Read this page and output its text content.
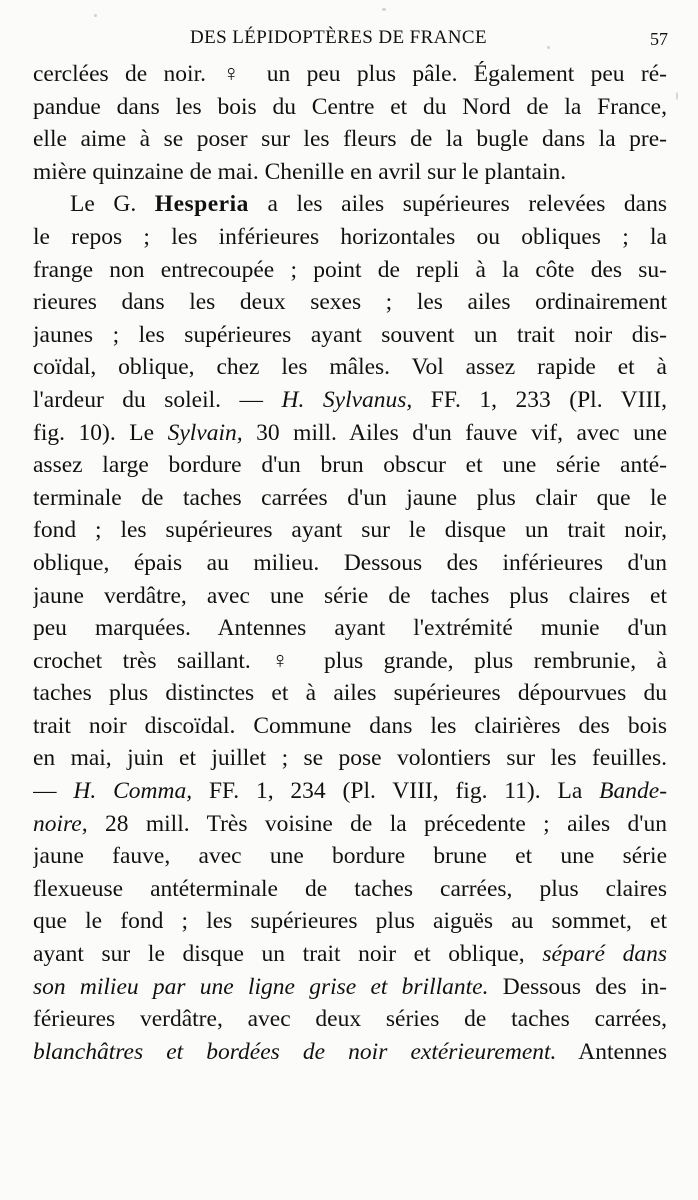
DES LÉPIDOPTÈRES DE FRANCE	57
cerclées de noir. ♀ un peu plus pâle. Également peu ré-
pandue dans les bois du Centre et du Nord de la France,
elle aime à se poser sur les fleurs de la bugle dans la pre-
mière quinzaine de mai. Chenille en avril sur le plantain.
Le G. Hesperia a les ailes supérieures relevées dans
le repos ; les inférieures horizontales ou obliques ; la
frange non entrecoupée ; point de repli à la côte des su-
rieures dans les deux sexes ; les ailes ordinairement
jaunes ; les supérieures ayant souvent un trait noir dis-
coïdal, oblique, chez les mâles. Vol assez rapide et à
l'ardeur du soleil. — H. Sylvanus, FF. 1, 233 (Pl. VIII,
fig. 10). Le Sylvain, 30 mill. Ailes d'un fauve vif, avec une
assez large bordure d'un brun obscur et une série anté-
terminale de taches carrées d'un jaune plus clair que le
fond ; les supérieures ayant sur le disque un trait noir,
oblique, épais au milieu. Dessous des inférieures d'un
jaune verdâtre, avec une série de taches plus claires et
peu marquées. Antennes ayant l'extrémité munie d'un
crochet très saillant. ♀ plus grande, plus rembrunie, à
taches plus distinctes et à ailes supérieures dépourvues du
trait noir discoïdal. Commune dans les clairières des bois
en mai, juin et juillet ; se pose volontiers sur les feuilles.
— H. Comma, FF. 1, 234 (Pl. VIII, fig. 11). La Bande-
noire, 28 mill. Très voisine de la précedente ; ailes d'un
jaune fauve, avec une bordure brune et une série
flexueuse antéterminale de taches carrées, plus claires
que le fond ; les supérieures plus aiguës au sommet, et
ayant sur le disque un trait noir et oblique, séparé dans
son milieu par une ligne grise et brillante. Dessous des in-
férieures verdâtre, avec deux séries de taches carrées,
blanchâtres et bordées de noir extérieurement. Antennes
